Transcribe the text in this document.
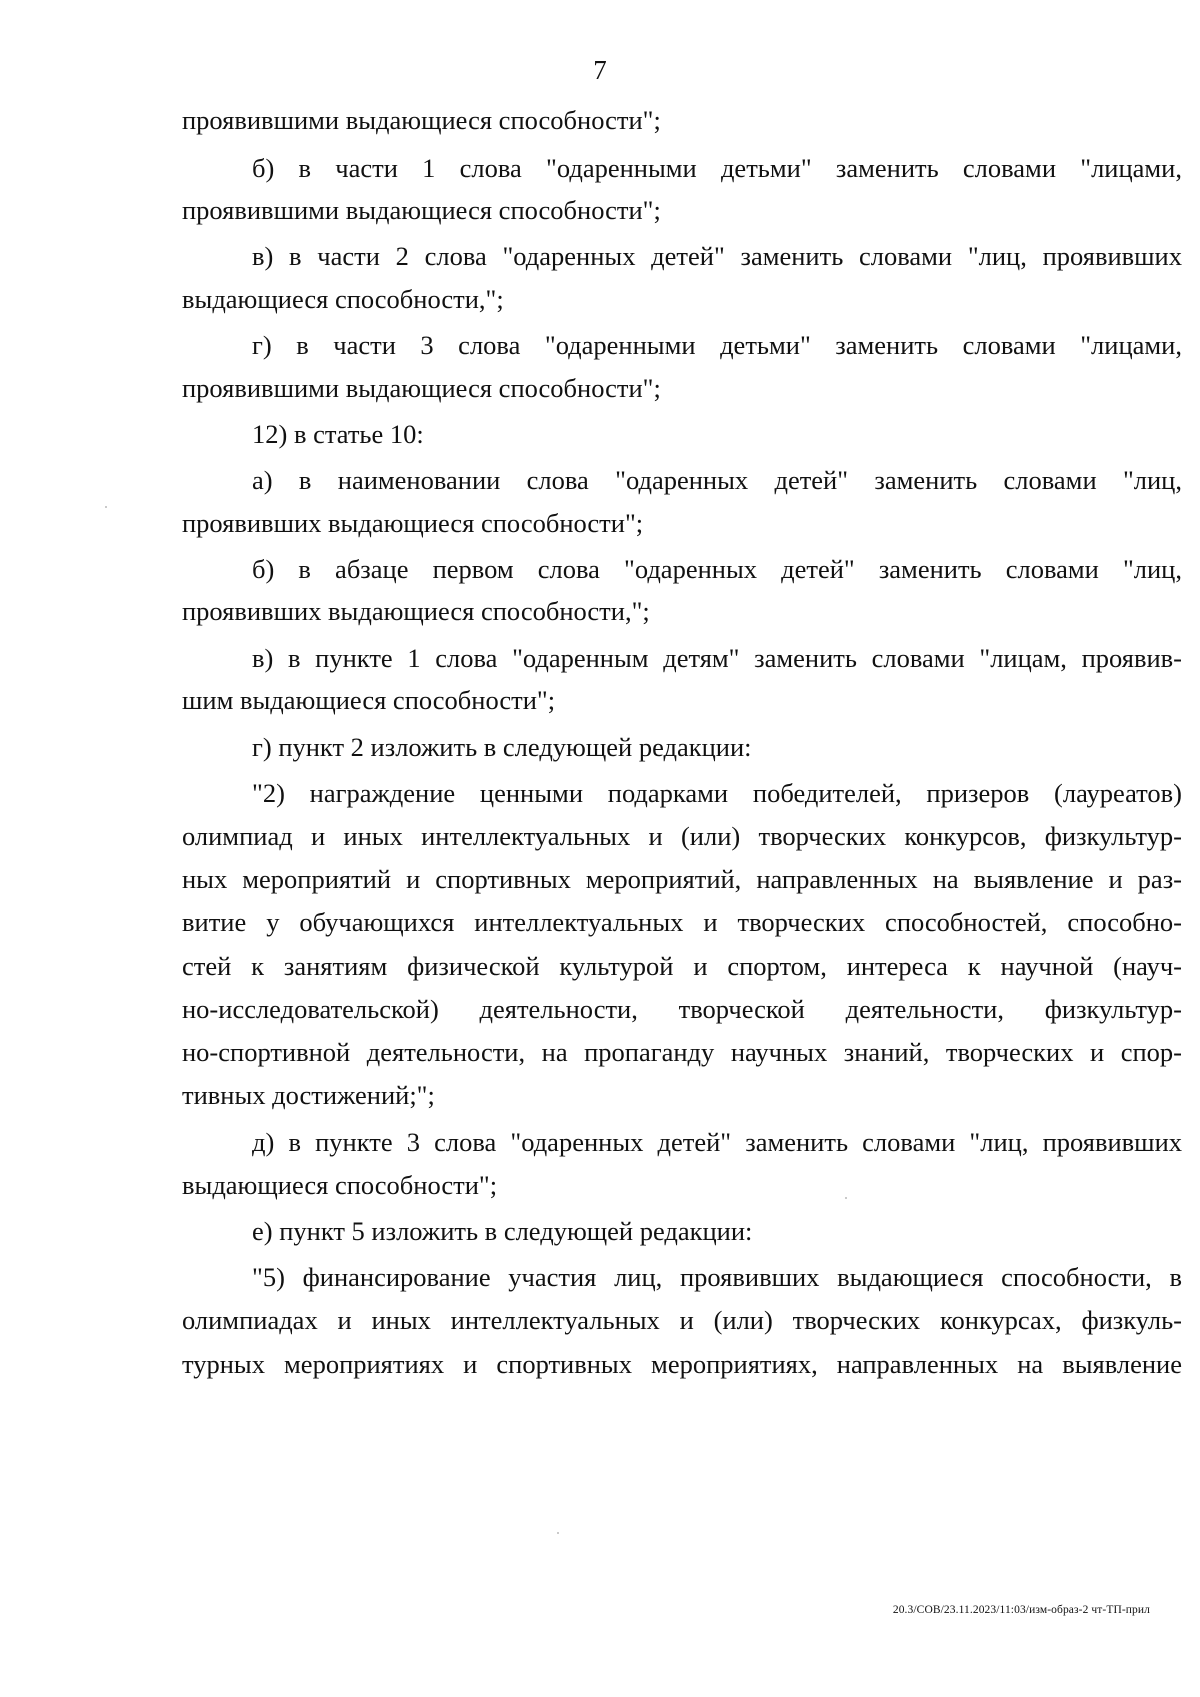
7
проявившими выдающиеся способности";
б) в части 1 слова "одаренными детьми" заменить словами "лицами,
проявившими выдающиеся способности";
в) в части 2 слова "одаренных детей" заменить словами "лиц, проявивших
выдающиеся способности,";
г) в части 3 слова "одаренными детьми" заменить словами "лицами,
проявившими выдающиеся способности";
12) в статье 10:
а) в наименовании слова "одаренных детей" заменить словами "лиц,
проявивших выдающиеся способности";
б) в абзаце первом слова "одаренных детей" заменить словами "лиц,
проявивших выдающиеся способности,";
в) в пункте 1 слова "одаренным детям" заменить словами "лицам, проявив-
шим выдающиеся способности";
г) пункт 2 изложить в следующей редакции:
"2) награждение ценными подарками победителей, призеров (лауреатов)
олимпиад и иных интеллектуальных и (или) творческих конкурсов, физкультур-
ных мероприятий и спортивных мероприятий, направленных на выявление и раз-
витие у обучающихся интеллектуальных и творческих способностей, способно-
стей к занятиям физической культурой и спортом, интереса к научной (науч-
но-исследовательской) деятельности, творческой деятельности, физкультур-
но-спортивной деятельности, на пропаганду научных знаний, творческих и спор-
тивных достижений;";
д) в пункте 3 слова "одаренных детей" заменить словами "лиц, проявивших
выдающиеся способности";
е) пункт 5 изложить в следующей редакции:
"5) финансирование участия лиц, проявивших выдающиеся способности, в
олимпиадах и иных интеллектуальных и (или) творческих конкурсах, физкуль-
турных мероприятиях и спортивных мероприятиях, направленных на выявление
20.3/СОВ/23.11.2023/11:03/изм-образ-2 чт-ТП-прил
